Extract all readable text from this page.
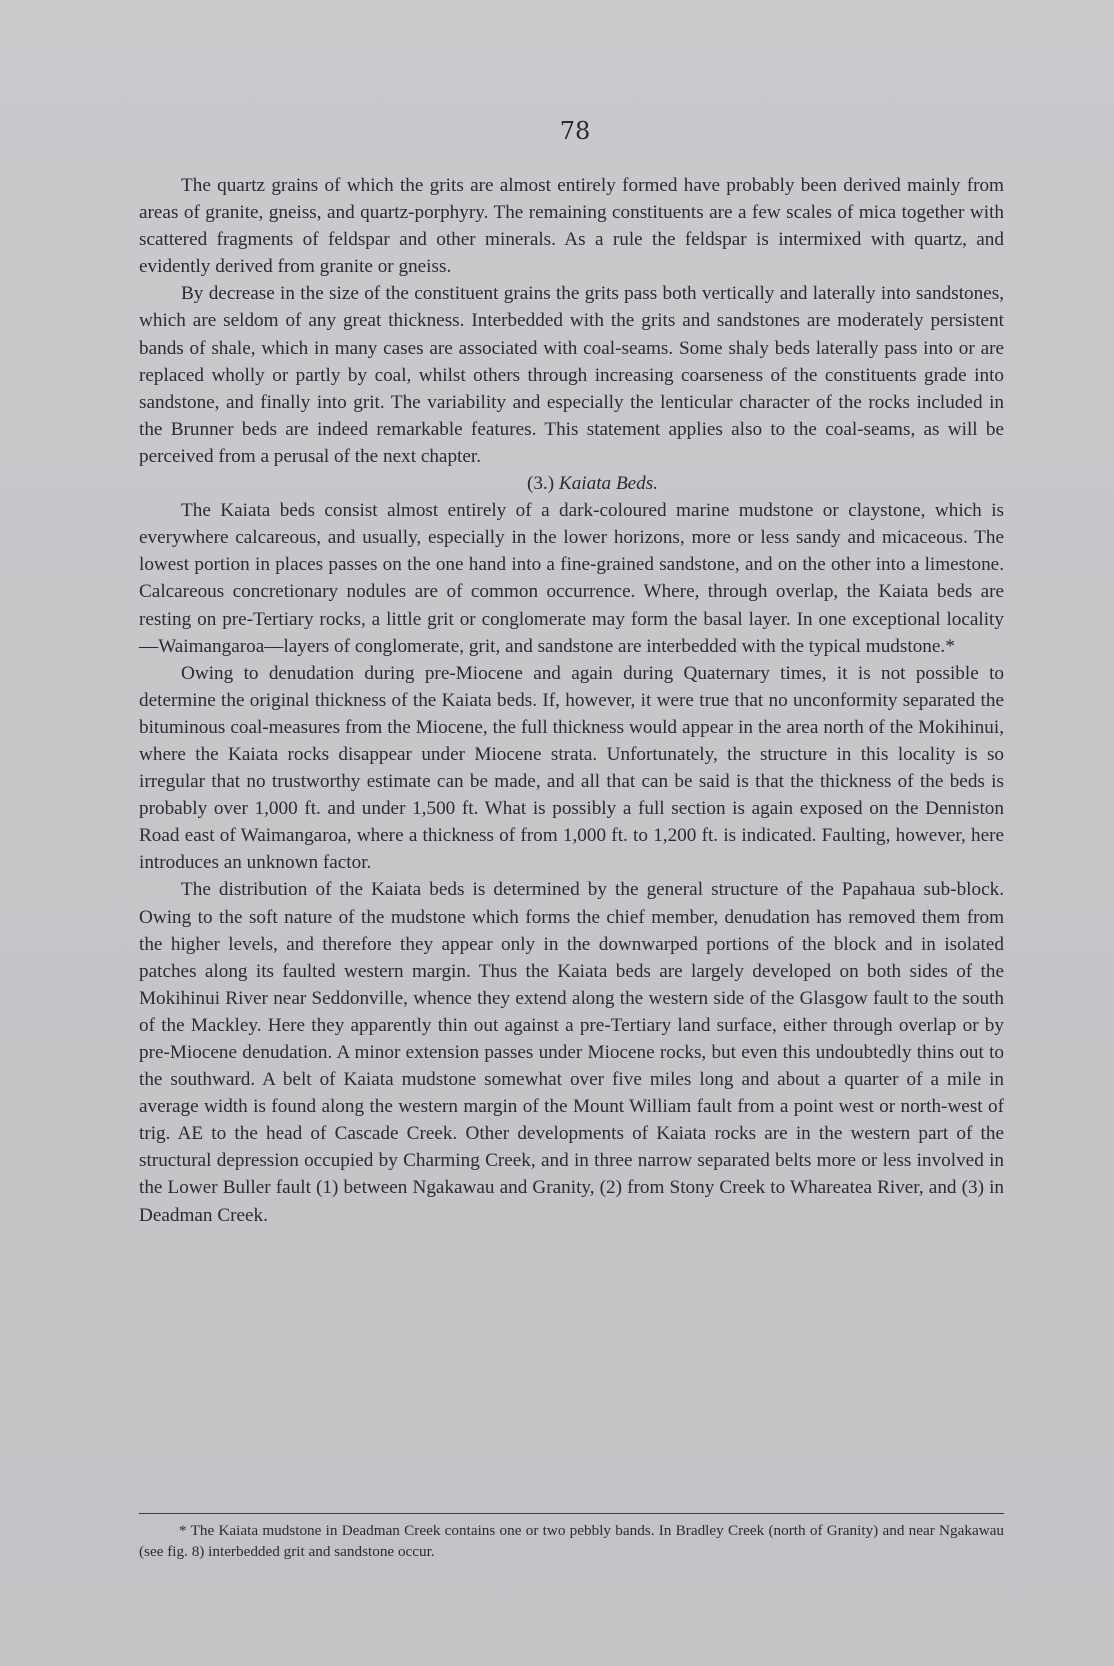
78

The quartz grains of which the grits are almost entirely formed have probably been derived mainly from areas of granite, gneiss, and quartz-porphyry. The remaining constituents are a few scales of mica together with scattered fragments of feldspar and other minerals. As a rule the feldspar is intermixed with quartz, and evidently derived from granite or gneiss.

By decrease in the size of the constituent grains the grits pass both vertically and laterally into sandstones, which are seldom of any great thickness. Interbedded with the grits and sandstones are moderately persistent bands of shale, which in many cases are associated with coal-seams. Some shaly beds laterally pass into or are replaced wholly or partly by coal, whilst others through increasing coarseness of the constituents grade into sandstone, and finally into grit. The variability and especially the lenticular character of the rocks included in the Brunner beds are indeed remarkable features. This statement applies also to the coal-seams, as will be perceived from a perusal of the next chapter.

(3.) Kaiata Beds.

The Kaiata beds consist almost entirely of a dark-coloured marine mudstone or claystone, which is everywhere calcareous, and usually, especially in the lower horizons, more or less sandy and micaceous. The lowest portion in places passes on the one hand into a fine-grained sandstone, and on the other into a limestone. Calcareous concretionary nodules are of common occurrence. Where, through overlap, the Kaiata beds are resting on pre-Tertiary rocks, a little grit or conglomerate may form the basal layer. In one exceptional locality—Waimangaroa—layers of conglomerate, grit, and sandstone are interbedded with the typical mudstone.*

Owing to denudation during pre-Miocene and again during Quaternary times, it is not possible to determine the original thickness of the Kaiata beds. If, however, it were true that no unconformity separated the bituminous coal-measures from the Miocene, the full thickness would appear in the area north of the Mokihinui, where the Kaiata rocks disappear under Miocene strata. Unfortunately, the structure in this locality is so irregular that no trustworthy estimate can be made, and all that can be said is that the thickness of the beds is probably over 1,000 ft. and under 1,500 ft. What is possibly a full section is again exposed on the Denniston Road east of Waimangaroa, where a thickness of from 1,000 ft. to 1,200 ft. is indicated. Faulting, however, here introduces an unknown factor.

The distribution of the Kaiata beds is determined by the general structure of the Papahaua sub-block. Owing to the soft nature of the mudstone which forms the chief member, denudation has removed them from the higher levels, and therefore they appear only in the downwarped portions of the block and in isolated patches along its faulted western margin. Thus the Kaiata beds are largely developed on both sides of the Mokihinui River near Seddonville, whence they extend along the western side of the Glasgow fault to the south of the Mackley. Here they apparently thin out against a pre-Tertiary land surface, either through overlap or by pre-Miocene denudation. A minor extension passes under Miocene rocks, but even this undoubtedly thins out to the southward. A belt of Kaiata mudstone somewhat over five miles long and about a quarter of a mile in average width is found along the western margin of the Mount William fault from a point west or north-west of trig. AE to the head of Cascade Creek. Other developments of Kaiata rocks are in the western part of the structural depression occupied by Charming Creek, and in three narrow separated belts more or less involved in the Lower Buller fault (1) between Ngakawau and Granity, (2) from Stony Creek to Whareatea River, and (3) in Deadman Creek.

* The Kaiata mudstone in Deadman Creek contains one or two pebbly bands. In Bradley Creek (north of Granity) and near Ngakawau (see fig. 8) interbedded grit and sandstone occur.
